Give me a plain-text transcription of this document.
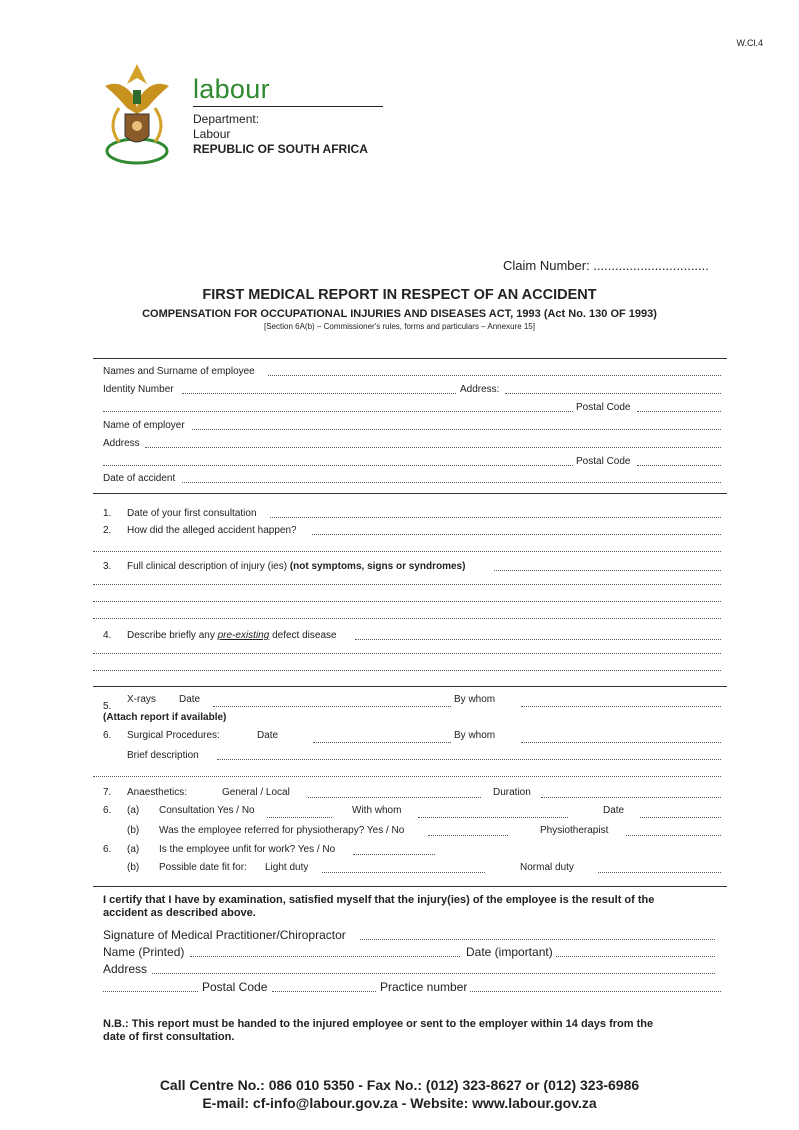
W.Cl.4
labour
Department:
Labour
REPUBLIC OF SOUTH AFRICA
Claim Number: ................................
FIRST MEDICAL REPORT IN RESPECT OF AN ACCIDENT
COMPENSATION FOR OCCUPATIONAL INJURIES AND DISEASES ACT, 1993 (Act No. 130 OF 1993)
[Section 6A(b) – Commissioner's rules, forms and particulars – Annexure 15]
Names and Surname of employee
Identity Number	Address:
Postal Code
Name of employer
Address
Postal Code
Date of accident
1. Date of your first consultation
2. How did the alleged accident happen?
3. Full clinical description of injury (ies) (not symptoms, signs or syndromes)
4. Describe briefly any pre-existing defect disease
X-rays Date	By whom
5.
(Attach report if available)
6. Surgical Procedures:	Date	By whom
Brief description
7. Anaesthetics:	General / Local	Duration
6. (a) Consultation Yes / No	With whom	Date
(b) Was the employee referred for physiotherapy? Yes / No	Physiotherapist
6. (a) Is the employee unfit for work? Yes / No
(b) Possible date fit for: Light duty	Normal duty
I certify that I have by examination, satisfied myself that the injury(ies) of the employee is the result of the
accident as described above.
Signature of Medical Practitioner/Chiropractor
Name (Printed)	Date (important)
Address
Postal Code	Practice number
N.B.: This report must be handed to the injured employee or sent to the employer within 14 days from the
date of first consultation.
Call Centre No.: 086 010 5350 - Fax No.: (012) 323-8627 or (012) 323-6986
E-mail: cf-info@labour.gov.za - Website: www.labour.gov.za
